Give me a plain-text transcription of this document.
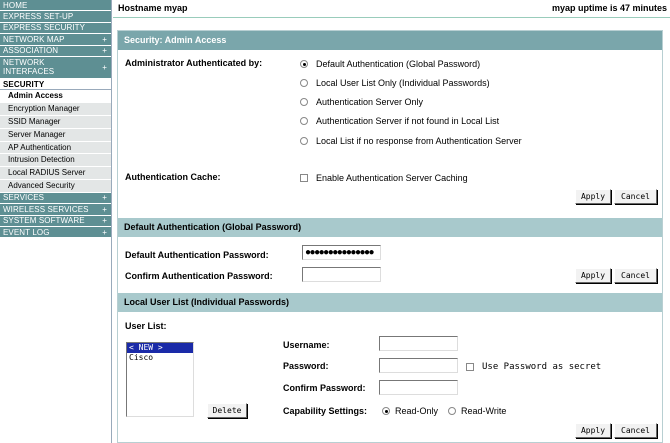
HOME
EXPRESS SET-UP
EXPRESS SECURITY
NETWORK MAP	+
ASSOCIATION	+
NETWORK INTERFACES	+
SECURITY
Admin Access
Encryption Manager
SSID Manager
Server Manager
AP Authentication
Intrusion Detection
Local RADIUS Server
Advanced Security
SERVICES	+
WIRELESS SERVICES +
SYSTEM SOFTWARE +
EVENT LOG	+
Hostname myap	myap uptime is 47 minutes
Security: Admin Access
Administrator Authenticated by:	Default Authentication (Global Password)
Local User List Only (Individual Passwords)
Authentication Server Only
Authentication Server if not found in Local List
Local List if no response from Authentication Server
Authentication Cache:	Enable Authentication Server Caching
Apply	Cancel
Default Authentication (Global Password)
Default Authentication Password:	●●●●●●●●●●●●●●●
Confirm Authentication Password:	Apply	Cancel
Local User List (Individual Passwords)
User List:
< NEW >
Cisco
Delete
Username:
Password:	Use Password as secret
Confirm Password:
Capability Settings:	Read-Only	Read-Write
Apply	Cancel
